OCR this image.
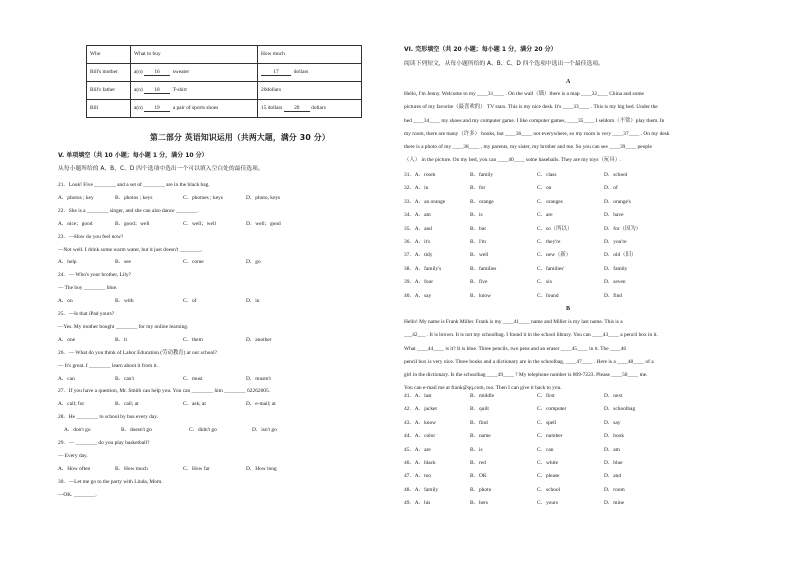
Who	What to buy	How much
Bill's mother	a(n) 16 sweater	17 dollars
Bill's father	a(n) 18 T-shirt	20dollars
Bill	a(n) 19 a pair of sports shoes	15 dollars 20 dollars
第二部分 英语知识运用（共两大题，满分 30 分）
V. 单项填空（共 10 小题；每小题 1 分，满分 10 分）
从每小题所给的 A、B、C、D 四个选项中选出一个可以填入空白处的最佳选项。
21．Look! Five ________ and a set of ________ are in the black bag.
A．photos ; key	B．photos ; keys	C．photoes ; keys	D．photo, keys
22．She is a ________ singer, and she can also dance ________.
A．nice；good	B．good；well	C．well；well	D．well；good
23．—How do you feel now?
—Not well. I drink some warm water, but it just doesn't ________.
A．help	B．see	C．come	D．go
24．— Who's your brother, Lily?
— The boy ________ blue.
A．on	B．with	C．of	D．in
25．—Is that iPad yours?
—Yes. My mother bought ________ for my online learning.
A．one	B．it	C．them	D．another
26．— What do you think of Labor Education (劳动教育) at our school?
— It's great. I ________ learn about it from it.
A．can	B．can't	C．must	D．mustn't
27．If you have a question, Mr. Smith can help you. You can ________ him ________ 62262005.
A．call; for	B．call; at	C．ask; at	D．e-mail; at
28．He ________ to school by bus every day.
A．don't go	B．doesn't go	C．didn't go	D．isn't go
29．— ________ do you play basketball?
— Every day.
A．How often	B．How much	C．How far	D．How long
30．—Let me go to the party with Linda, Mom.
—OK. ________.
VI. 完形填空（共 20 小题；每小题 1 分，满分 20 分）
阅读下列短文，从每小题所给的 A、B、C、D 四个选项中选出一个最佳选项。
A
Hello, I'm Jenny. Welcome to my ____31____ . On the wall（墙）there is a map ____32____ China and some
pictures of my favorite（最喜欢的） TV stars. This is my nice desk. It's ____33____ . This is my big bed. Under the
bed ____34____ my shoes and my computer game. I like computer games, ____35____ I seldom（不常）play them. In
my room, there are many（许多） books, but ____36____ not everywhere, so my room is very ____37____ . On my desk
there is a photo of my ____38____ , my parents, my sister, my brother and me. So you can see ____39____ people
（人） in the picture. On my bed, you can ____40____ some baseballs. They are my toys（玩具）.
31．A．room	B．family	C．class	D．school
32．A．in	B．for	C．on	D．of
33．A．an orange	B．orange	C．oranges	D．orange's
34．A．am	B．is	C．are	D．have
35．A．and	B．but	C．so（所以）	D．for（因为）
36．A．it's	B．I'm	C．they're	D．you're
37．A．tidy	B．well	C．new（新）	D．old（旧）
38．A．family's	B．families	C．families'	D．family
39．A．four	B．five	C．six	D．seven
40．A．say	B．know	C．found	D．find
B
Hello! My name is Frank Miller. Frank is my ____41____ name and Miller is my last name. This is a
___42___ . It is brown. It is not my schoolbag. I found it in the school library. You can ____43____ a pencil box in it.
What ____44____ is it? It is blue. Three pencils, two pens and an eraser ____45____ in it. The ____46
pencil box is very nice. Three books and a dictionary are in the schoolbag, ____47____ . Here is a ____48____ of a
girl in the dictionary. Is the schoolbag ____49____ ? My telephone number is 809-7223. Please ____50____ me.
You can e-mail me at frank@qq.com, too. Then I can give it back to you.
41．A．last	B．middle	C．first	D．next
42．A．jacket	B．quilt	C．computer	D．schoolbag
43．A．know	B．find	C．spell	D．say
44．A．color	B．name	C．number	D．book
45．A．are	B．is	C．can	D．am
46．A．black	B．red	C．white	D．blue
47．A．too	B．OK	C．please	D．and
48．A．family	B．photo	C．school	D．room
49．A．his	B．hers	C．yours	D．mine
